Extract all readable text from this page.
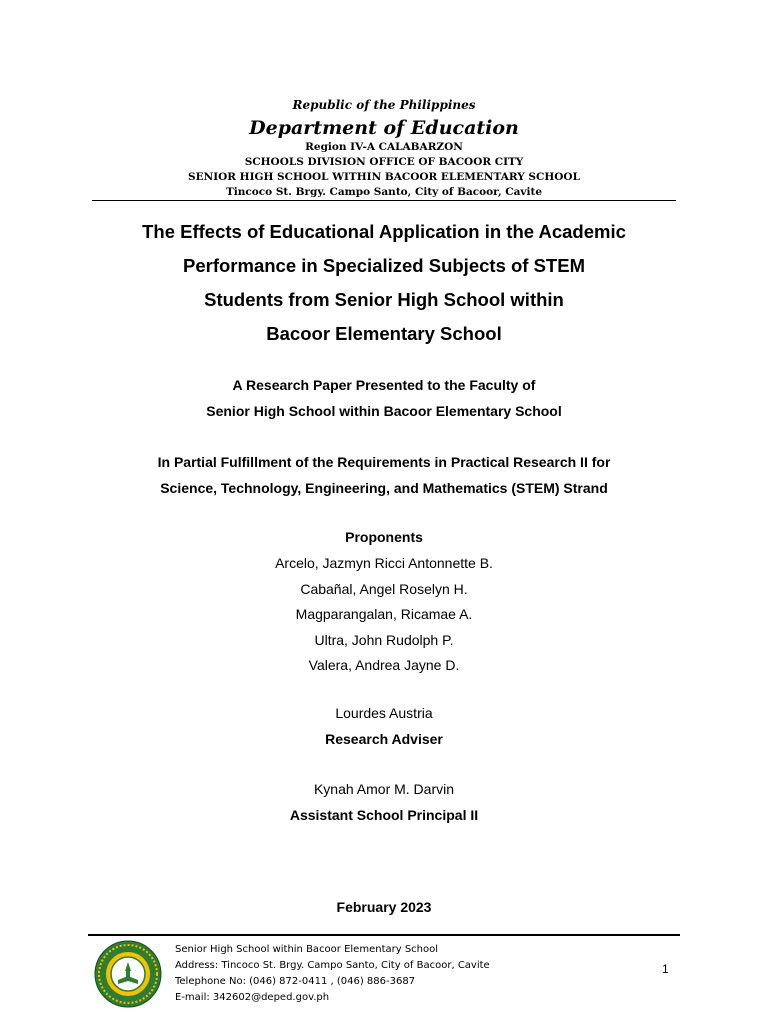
Republic of the Philippines
Department of Education
Region IV-A CALABARZON
SCHOOLS DIVISION OFFICE OF BACOOR CITY
SENIOR HIGH SCHOOL WITHIN BACOOR ELEMENTARY SCHOOL
Tincoco St. Brgy. Campo Santo, City of Bacoor, Cavite
The Effects of Educational Application in the Academic
Performance in Specialized Subjects of STEM
Students from Senior High School within
Bacoor Elementary School
A Research Paper Presented to the Faculty of
Senior High School within Bacoor Elementary School
In Partial Fulfillment of the Requirements in Practical Research II for
Science, Technology, Engineering, and Mathematics (STEM) Strand
Proponents
Arcelo, Jazmyn Ricci Antonnette B.
Cabañal, Angel Roselyn H.
Magparangalan, Ricamae A.
Ultra, John Rudolph P.
Valera, Andrea Jayne D.
Lourdes Austria
Research Adviser
Kynah Amor M. Darvin
Assistant School Principal II
February 2023
Senior High School within Bacoor Elementary School
Address: Tincoco St. Brgy. Campo Santo, City of Bacoor, Cavite
Telephone No: (046) 872-0411 , (046) 886-3687
E-mail: 342602@deped.gov.ph
1
